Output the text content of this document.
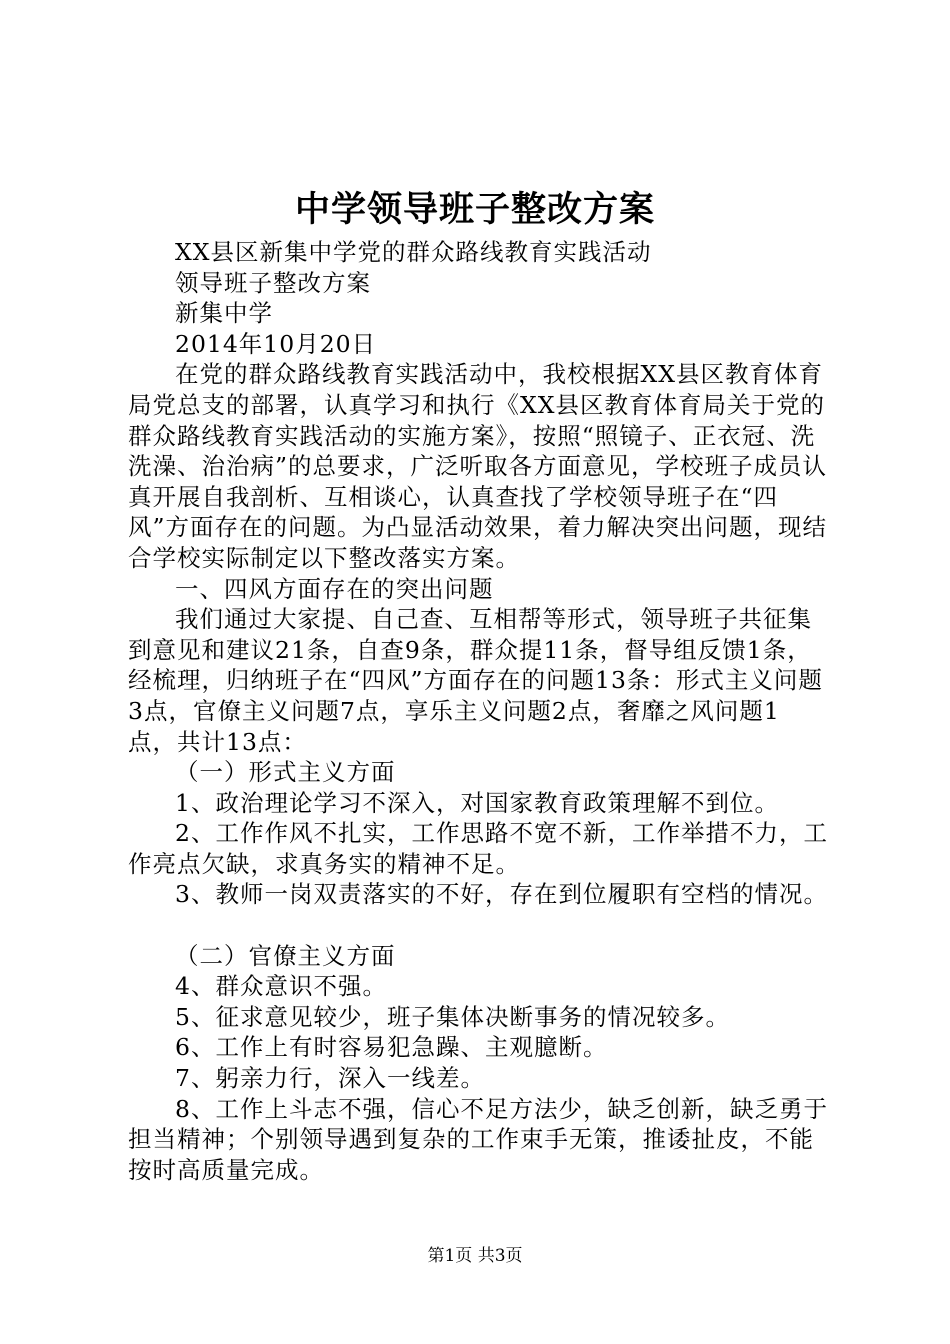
中学领导班子整改方案

XX县区新集中学党的群众路线教育实践活动

领导班子整改方案

新集中学

2014年10月20日

在党的群众路线教育实践活动中，我校根据XX县区教育体育局党总支的部署，认真学习和执行《XX县区教育体育局关于党的群众路线教育实践活动的实施方案》，按照“照镜子、正衣冠、洗洗澡、治治病”的总要求，广泛听取各方面意见，学校班子成员认真开展自我剖析、互相谈心，认真查找了学校领导班子在“四风”方面存在的问题。为凸显活动效果，着力解决突出问题，现结合学校实际制定以下整改落实方案。

一、四风方面存在的突出问题

我们通过大家提、自己查、互相帮等形式，领导班子共征集到意见和建议21条，自查9条，群众提11条，督导组反馈1条，经梳理，归纳班子在“四风”方面存在的问题13条：形式主义问题3点，官僚主义问题7点，享乐主义问题2点，奢靡之风问题1点，共计13点：

（一）形式主义方面

1、政治理论学习不深入，对国家教育政策理解不到位。

2、工作作风不扎实，工作思路不宽不新，工作举措不力，工作亮点欠缺，求真务实的精神不足。

3、教师一岗双责落实的不好，存在到位履职有空档的情况。

（二）官僚主义方面

4、群众意识不强。

5、征求意见较少，班子集体决断事务的情况较多。

6、工作上有时容易犯急躁、主观臆断。

7、躬亲力行，深入一线差。

8、工作上斗志不强，信心不足方法少，缺乏创新，缺乏勇于担当精神；个别领导遇到复杂的工作束手无策，推诿扯皮，不能按时高质量完成。

第1页 共3页
